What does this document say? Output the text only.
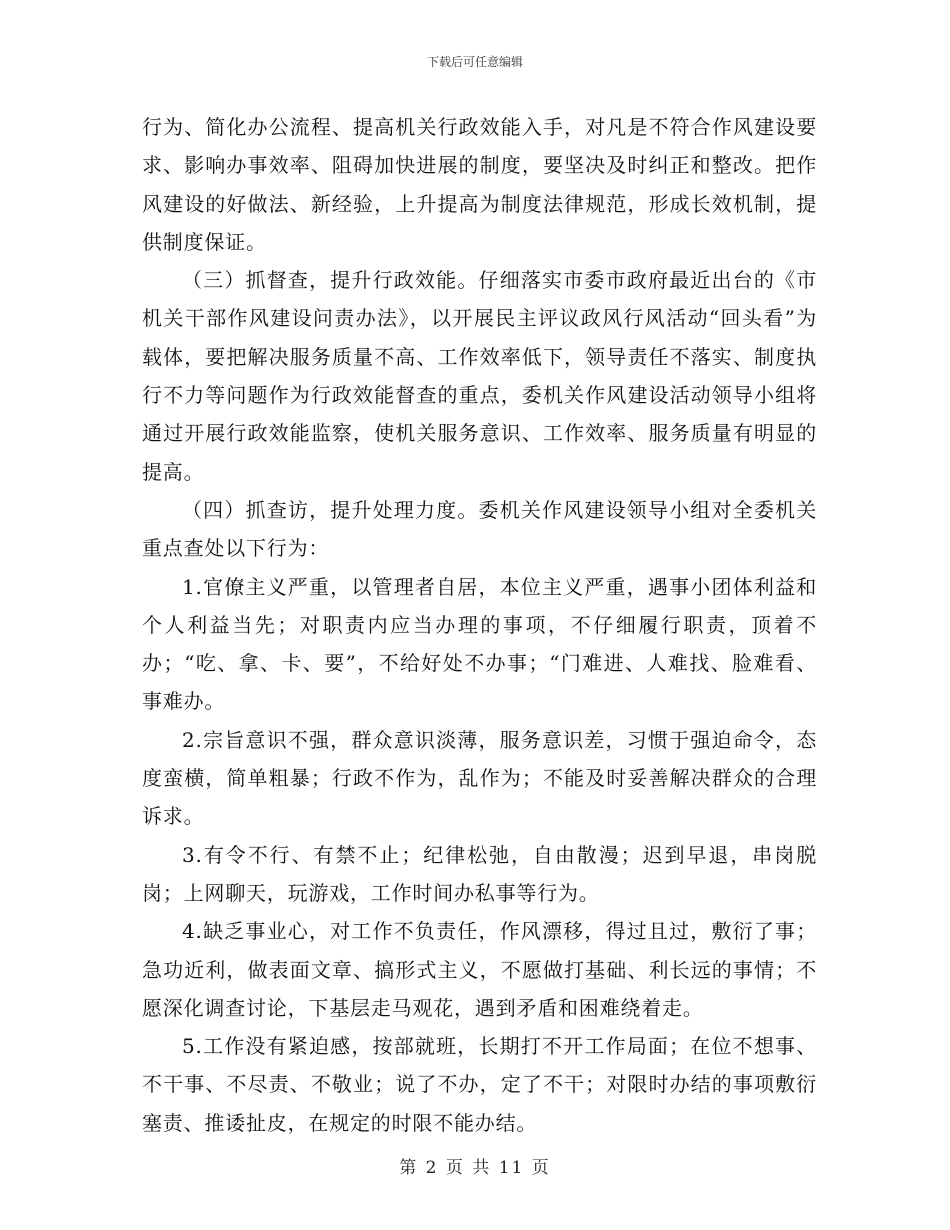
下载后可任意编辑

行为、简化办公流程、提高机关行政效能入手，对凡是不符合作风建设要求、影响办事效率、阻碍加快进展的制度，要坚决及时纠正和整改。把作风建设的好做法、新经验，上升提高为制度法律规范，形成长效机制，提供制度保证。

（三）抓督查，提升行政效能。仔细落实市委市政府最近出台的《市机关干部作风建设问责办法》，以开展民主评议政风行风活动“回头看”为载体，要把解决服务质量不高、工作效率低下，领导责任不落实、制度执行不力等问题作为行政效能督查的重点，委机关作风建设活动领导小组将通过开展行政效能监察，使机关服务意识、工作效率、服务质量有明显的提高。

（四）抓查访，提升处理力度。委机关作风建设领导小组对全委机关重点查处以下行为：

1.官僚主义严重，以管理者自居，本位主义严重，遇事小团体利益和个人利益当先；对职责内应当办理的事项，不仔细履行职责，顶着不办；“吃、拿、卡、要”，不给好处不办事；“门难进、人难找、脸难看、事难办。

2.宗旨意识不强，群众意识淡薄，服务意识差，习惯于强迫命令，态度蛮横，简单粗暴；行政不作为，乱作为；不能及时妥善解决群众的合理诉求。

3.有令不行、有禁不止；纪律松弛，自由散漫；迟到早退，串岗脱岗；上网聊天，玩游戏，工作时间办私事等行为。

4.缺乏事业心，对工作不负责任，作风漂移，得过且过，敷衍了事；急功近利，做表面文章、搞形式主义，不愿做打基础、利长远的事情；不愿深化调查讨论，下基层走马观花，遇到矛盾和困难绕着走。

5.工作没有紧迫感，按部就班，长期打不开工作局面；在位不想事、不干事、不尽责、不敬业；说了不办，定了不干；对限时办结的事项敷衍塞责、推诿扯皮，在规定的时限不能办结。

第 2 页 共 11 页
